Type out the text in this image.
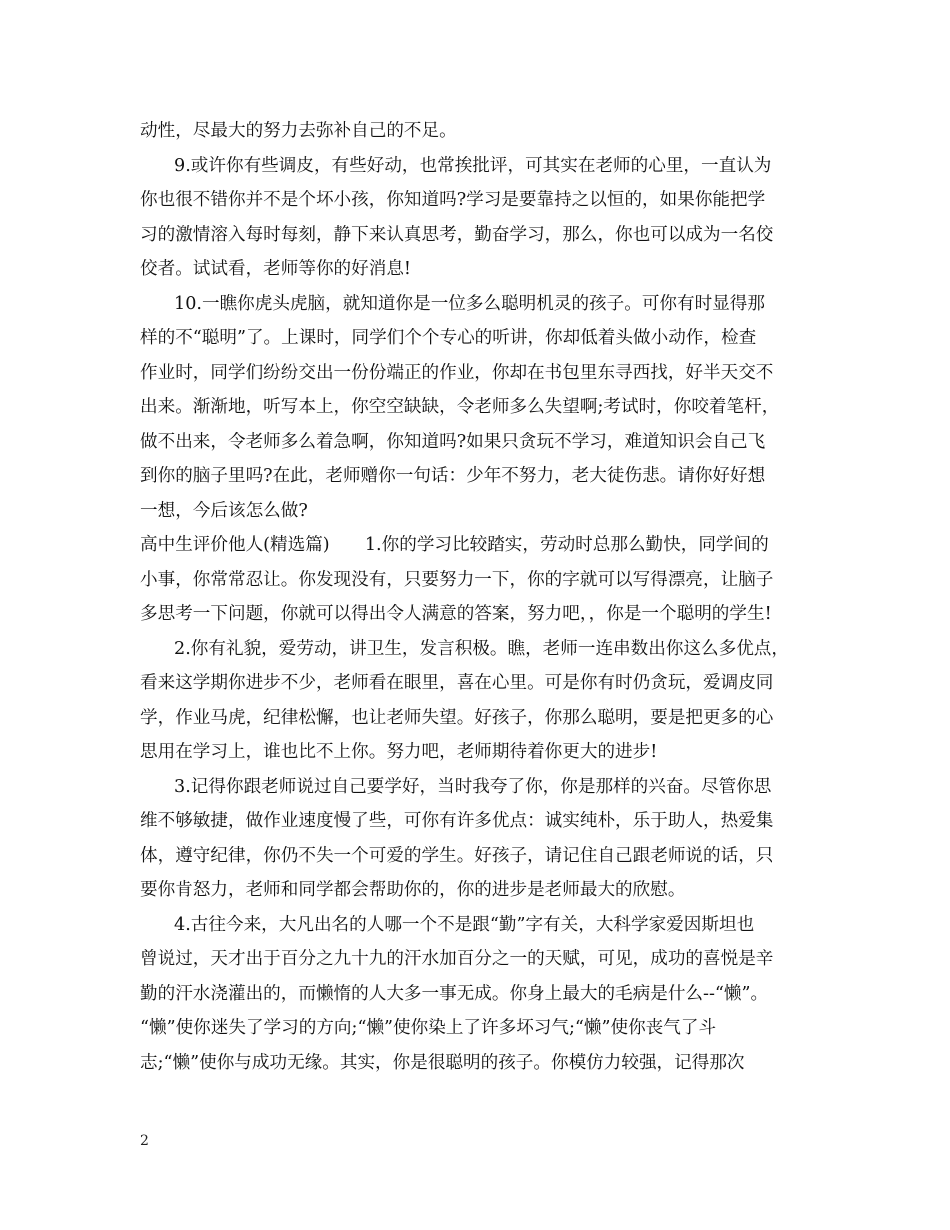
动性，尽最大的努力去弥补自己的不足。
9.或许你有些调皮，有些好动，也常挨批评，可其实在老师的心里，一直认为
你也很不错你并不是个坏小孩，你知道吗?学习是要靠持之以恒的，如果你能把学
习的激情溶入每时每刻，静下来认真思考，勤奋学习，那么，你也可以成为一名佼
佼者。试试看，老师等你的好消息!
10.一瞧你虎头虎脑，就知道你是一位多么聪明机灵的孩子。可你有时显得那
样的不“聪明”了。上课时，同学们个个专心的听讲，你却低着头做小动作，检查
作业时，同学们纷纷交出一份份端正的作业，你却在书包里东寻西找，好半天交不
出来。渐渐地，听写本上，你空空缺缺，令老师多么失望啊;考试时，你咬着笔杆，
做不出来，令老师多么着急啊，你知道吗?如果只贪玩不学习，难道知识会自己飞
到你的脑子里吗?在此，老师赠你一句话：少年不努力，老大徒伤悲。请你好好想
一想，今后该怎么做?
高中生评价他人(精选篇)　　1.你的学习比较踏实，劳动时总那么勤快，同学间的
小事，你常常忍让。你发现没有，只要努力一下，你的字就可以写得漂亮，让脑子
多思考一下问题，你就可以得出令人满意的答案，努力吧，，你是一个聪明的学生!
2.你有礼貌，爱劳动，讲卫生，发言积极。瞧，老师一连串数出你这么多优点，
看来这学期你进步不少，老师看在眼里，喜在心里。可是你有时仍贪玩，爱调皮同
学，作业马虎，纪律松懈，也让老师失望。好孩子，你那么聪明，要是把更多的心
思用在学习上，谁也比不上你。努力吧，老师期待着你更大的进步!
3.记得你跟老师说过自己要学好，当时我夸了你，你是那样的兴奋。尽管你思
维不够敏捷，做作业速度慢了些，可你有许多优点：诚实纯朴，乐于助人，热爱集
体，遵守纪律，你仍不失一个可爱的学生。好孩子，请记住自己跟老师说的话，只
要你肯怒力，老师和同学都会帮助你的，你的进步是老师最大的欣慰。
4.古往今来，大凡出名的人哪一个不是跟“勤”字有关，大科学家爱因斯坦也
曾说过，天才出于百分之九十九的汗水加百分之一的天赋，可见，成功的喜悦是辛
勤的汗水浇灌出的，而懒惰的人大多一事无成。你身上最大的毛病是什么--“懒”。
“懒”使你迷失了学习的方向;“懒”使你染上了许多坏习气;“懒”使你丧气了斗
志;“懒”使你与成功无缘。其实，你是很聪明的孩子。你模仿力较强，记得那次
2
